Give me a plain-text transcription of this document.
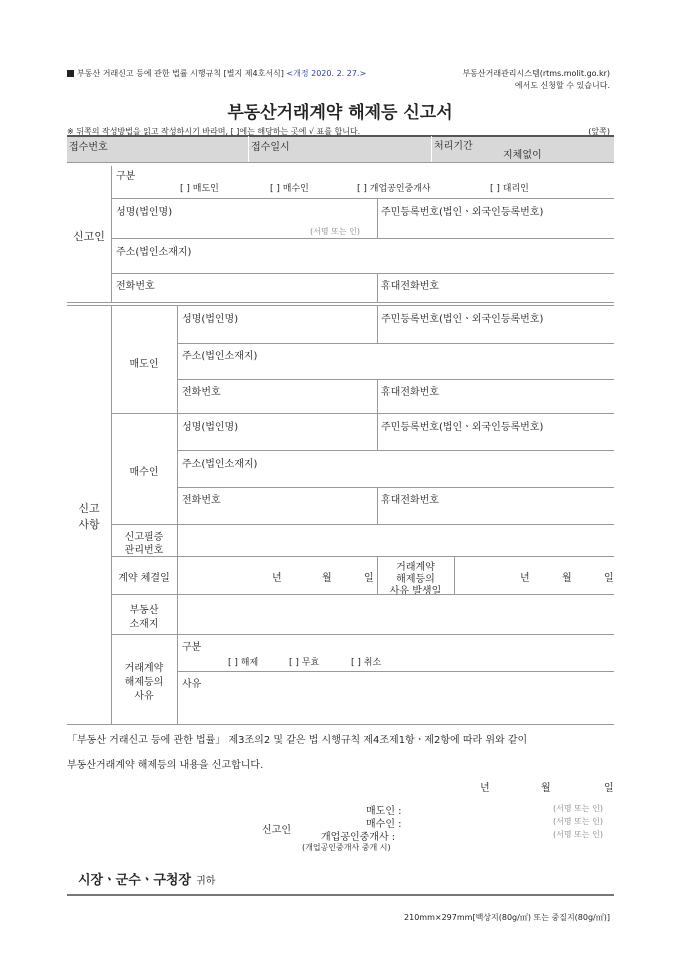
부동산 거래신고 등에 관한 법률 시행규칙 [별지 제4호서식] <개정 2020. 2. 27.>	부동산거래관리시스템(rtms.molit.go.kr)
에서도 신청할 수 있습니다.
부동산거래계약 해제등 신고서
※ 뒤쪽의 작성방법을 읽고 작성하시기 바라며, [ ]에는 해당하는 곳에 √ 표를 합니다.	(앞쪽)
접수번호	접수일시	처리기간
지체없이
신고인
구분
[ ] 매도인	[ ] 매수인	[ ] 개업공인중개사	[ ] 대리인
성명(법인명)
(서명 또는 인)
주민등록번호(법인ㆍ외국인등록번호)
주소(법인소재지)
전화번호	휴대전화번호
신고
사항
매도인
성명(법인명)	주민등록번호(법인ㆍ외국인등록번호)
주소(법인소재지)
전화번호	휴대전화번호
매수인
성명(법인명)	주민등록번호(법인ㆍ외국인등록번호)
주소(법인소재지)
전화번호	휴대전화번호
신고필증
관리번호
계약 체결일	년	월	일
거래계약
해제등의
사유 발생일
년	월	일
부동산
소재지
거래계약
해제등의
사유
구분
[ ] 해제	[ ] 무효	[ ] 취소
사유
「부동산 거래신고 등에 관한 법률」 제3조의2 및 같은 법 시행규칙 제4조제1항ㆍ제2항에 따라 위와 같이
부동산거래계약 해제등의 내용을 신고합니다.
년	월	일
신고인
매도인 :
매수인 :
개업공인중개사 :
(개업공인중개사 중개 시)
(서명 또는 인)
(서명 또는 인)
(서명 또는 인)
시장ㆍ군수ㆍ구청장 귀하
210mm×297mm[백상지(80g/㎡) 또는 중질지(80g/㎡)]
